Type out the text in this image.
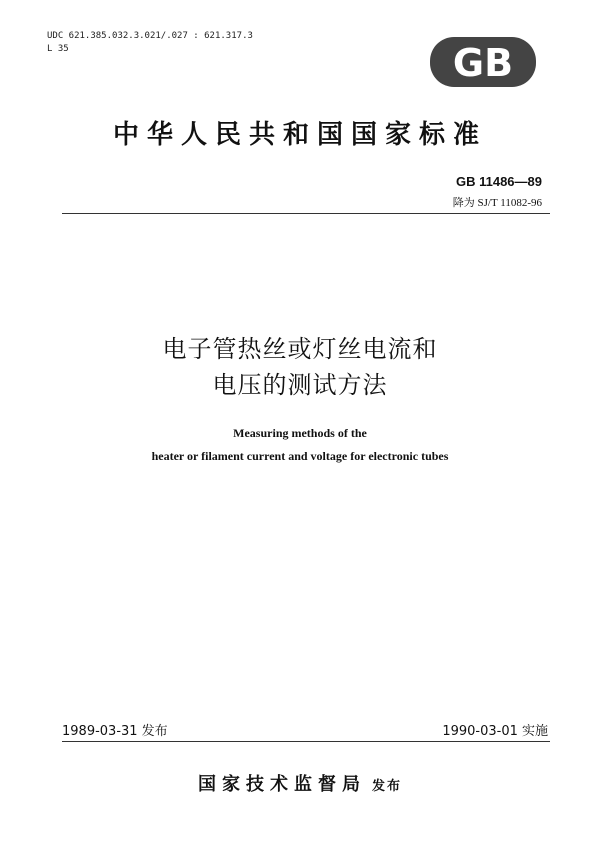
UDC 621.385.032.3.021/.027 : 621.317.3
L 35	GB
中华人民共和国国家标准
GB 11486—89
降为 SJ/T 11082-96
电子管热丝或灯丝电流和
电压的测试方法
Measuring methods of the
heater or filament current and voltage for electronic tubes
1989-03-31 发布	1990-03-01 实施
国家技术监督局 发布
